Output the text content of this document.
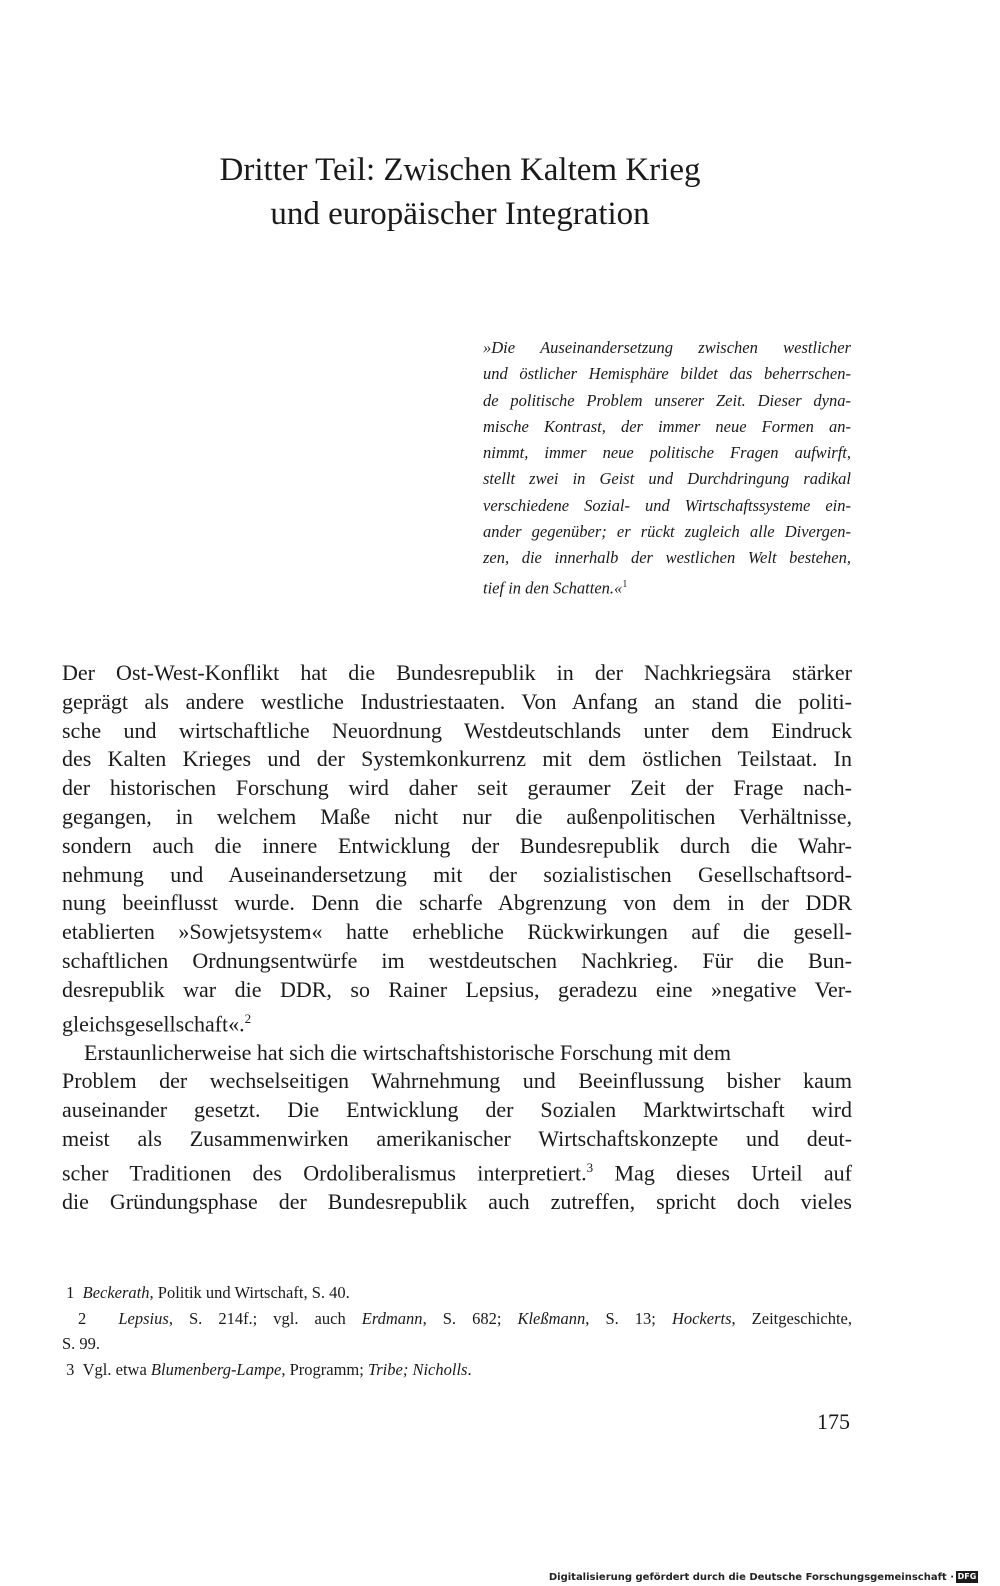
Dritter Teil: Zwischen Kaltem Krieg
und europäischer Integration
»Die Auseinandersetzung zwischen westlicher
und östlicher Hemisphäre bildet das beherrschen-
de politische Problem unserer Zeit. Dieser dyna-
mische Kontrast, der immer neue Formen an-
nimmt, immer neue politische Fragen aufwirft,
stellt zwei in Geist und Durchdringung radikal
verschiedene Sozial- und Wirtschaftssysteme ein-
ander gegenüber; er rückt zugleich alle Divergen-
zen, die innerhalb der westlichen Welt bestehen,
tief in den Schatten.«$^1$
Der Ost-West-Konflikt hat die Bundesrepublik in der Nachkriegsära stärker
geprägt als andere westliche Industriestaaten. Von Anfang an stand die politi-
sche und wirtschaftliche Neuordnung Westdeutschlands unter dem Eindruck
des Kalten Krieges und der Systemkonkurrenz mit dem östlichen Teilstaat. In
der historischen Forschung wird daher seit geraumer Zeit der Frage nach-
gegangen, in welchem Maße nicht nur die außenpolitischen Verhältnisse,
sondern auch die innere Entwicklung der Bundesrepublik durch die Wahr-
nehmung und Auseinandersetzung mit der sozialistischen Gesellschaftsord-
nung beeinflusst wurde. Denn die scharfe Abgrenzung von dem in der DDR
etablierten »Sowjetsystem« hatte erhebliche Rückwirkungen auf die gesell-
schaftlichen Ordnungsentwürfe im westdeutschen Nachkrieg. Für die Bun-
desrepublik war die DDR, so Rainer Lepsius, geradezu eine »negative Ver-
gleichsgesellschaft«.$^2$
Erstaunlicherweise hat sich die wirtschaftshistorische Forschung mit dem
Problem der wechselseitigen Wahrnehmung und Beeinflussung bisher kaum
auseinander gesetzt. Die Entwicklung der Sozialen Marktwirtschaft wird
meist als Zusammenwirken amerikanischer Wirtschaftskonzepte und deut-
scher Traditionen des Ordoliberalismus interpretiert.$^3$ Mag dieses Urteil auf
die Gründungsphase der Bundesrepublik auch zutreffen, spricht doch vieles
1 Beckerath, Politik und Wirtschaft, S. 40.
2 Lepsius, S. 214f.; vgl. auch Erdmann, S. 682; Kleßmann, S. 13; Hockerts, Zeitgeschichte,
S. 99.
3 Vgl. etwa Blumenberg-Lampe, Programm; Tribe; Nicholls.
175
Digitalisierung gefördert durch die Deutsche Forschungsgemeinschaft · DFG
